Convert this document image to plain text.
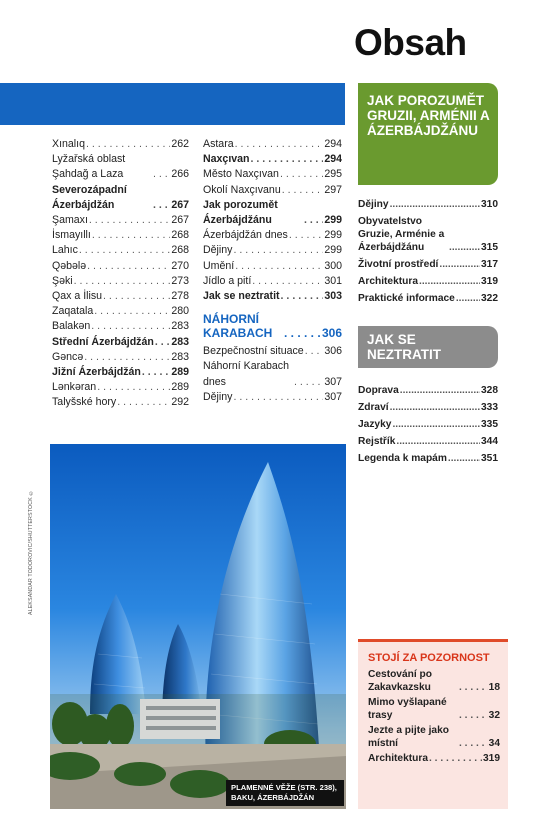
Obsah
Xınalıq . . .	262
Lyžařská oblast Şahdağ a Laza . . .	266
Severozápadní Ázerbájdžán . . .	267
Şamaxı . . .	267
İsmayıllı . . .	268
Lahıc . . .	268
Qəbələ . . .	270
Şəki . . .	273
Qax a İlisu . . .	278
Zaqatala . . .	280
Balakən . . .	283
Střední Ázerbájdžán . . . 283
Gəncə . . .	283
Jižní Ázerbájdžán . . .	289
Lənkəran . . .	289
Talyšské hory . . .	292
Astara . . .	294
Naxçıvan . . .	294
Město Naxçıvan . . .	295
Okolí Naxçıvanu . . .	297
Jak porozumět Ázerbájdžánu . . .	299
Ázerbájdžán dnes . . .	299
Dějiny . . .	299
Umění . . .	300
Jídlo a pití . . .	301
Jak se neztratit . . .	303
NÁHORNÍ KARABACH . . .	306
Bezpečnostní situace . . . 306
Náhorní Karabach dnes . . .	307
Dějiny . . .	307
JAK POROZUMĚT GRUZII, ARMÉNII A ÁZERBÁJDŽÁNU
Dějiny .....	310
Obyvatelstvo Gruzie, Arménie a Ázerbájdžánu .....	315
Životní prostředí .....	317
Architektura .....	319
Praktické informace .....	322
JAK SE NEZTRATIT
Doprava .....	328
Zdraví .....	333
Jazyky .....	335
Rejstřík .....	344
Legenda k mapám .....	351
ALEKSANDAR TODOROVIC/SHUTTERSTOCK ©
PLAMENNÉ VĚŽE (STR. 238), BAKU, ÁZERBÁJDŽÁN
STOJÍ ZA POZORNOST
Cestování po Zakavkazsku . . .	18
Mimo vyšlapané trasy . . .	32
Jezte a pijte jako místní . . .	34
Architektura . . .	319
